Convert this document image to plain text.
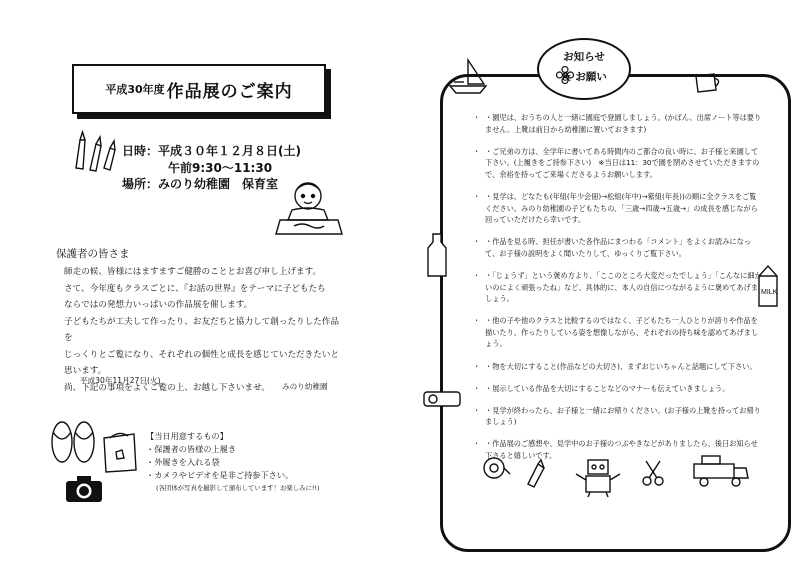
平成30年度 作品展のご案内
日時：平成３０年１２月８日(土)
午前9:30〜11:30
場所：みのり幼稚園　保育室
保護者の皆さま
師走の候、皆様にはますますご健勝のこととお喜び申し上げます。
さて、今年度もクラスごとに、『お話の世界』をテーマに子どもたち
ならではの発想力いっぱいの作品展を催します。
子どもたちが工夫して作ったり、お友だちと協力して創ったりした作品を
じっくりとご覧になり、それぞれの個性と成長を感じていただきたいと
思います。
尚、下記の事項をよくご覧の上、お越し下さいませ。
平成30年11月27日(火)
みのり幼稚園
【当日用意するもの】
・保護者の皆様の上履き
・外履きを入れる袋
・カメラやビデオを是非ご持参下さい。
(各団体が写真を撮影して頒布しています！お楽しみに!!)
お知らせ
＆ お願い
MILK
・ ・園児は、おうちの人と一緒に園庭で登園しましょう。(かばん、出席ノート等は要りません。上靴は前日から幼稚園に置いておきます)
・ ・ご兄弟の方は、全学年に書いてある時間内のご都合の良い時に、お子様と来園して下さい。(上履きをご持参下さい)　※当日は11：30で園を閉めさせていただきますので、余裕を持ってご来場くださるようお願いします。
・ ・見学は、どなたも(年組(年少会冊)→松組(年中)→紫組(年長))の順に全クラスをご覧ください。みのり幼稚園の子どもたちの、「三歳→四歳→五歳→」の成長を感じながら回っていただけたら幸いです。
・ ・作品を見る時、担任が書いた各作品にまつわる「コメント」をよくお読みになって、お子様の説明をよく聞いたりして、ゆっくりご覧下さい。
・ ・「じょうず」という褒め方より、「ここのところ大変だったでしょう」「こんなに細かいのによく頑張ったね」など、具体的に、本人の自信につながるように褒めてあげましょう。
・ ・他の子や他のクラスと比較するのではなく、子どもたち一人ひとりが誇りや作品を描いたり、作ったりしている姿を想像しながら、それぞれの持ち味を認めてあげましょう。
・ ・物を大切にすること(作品などの大切さ)、まずおじいちゃんと話題にして下さい。
・ ・展示している作品を大切にすることなどのマナーも伝えていきましょう。
・ ・見学が終わったら、お子様と一緒にお帰りください。(お子様の上靴を持ってお帰りましょう)
・ ・作品展のご感想や、見学中のお子様のつぶやきなどがありましたら、後日お知らせ下さると嬉しいです。
